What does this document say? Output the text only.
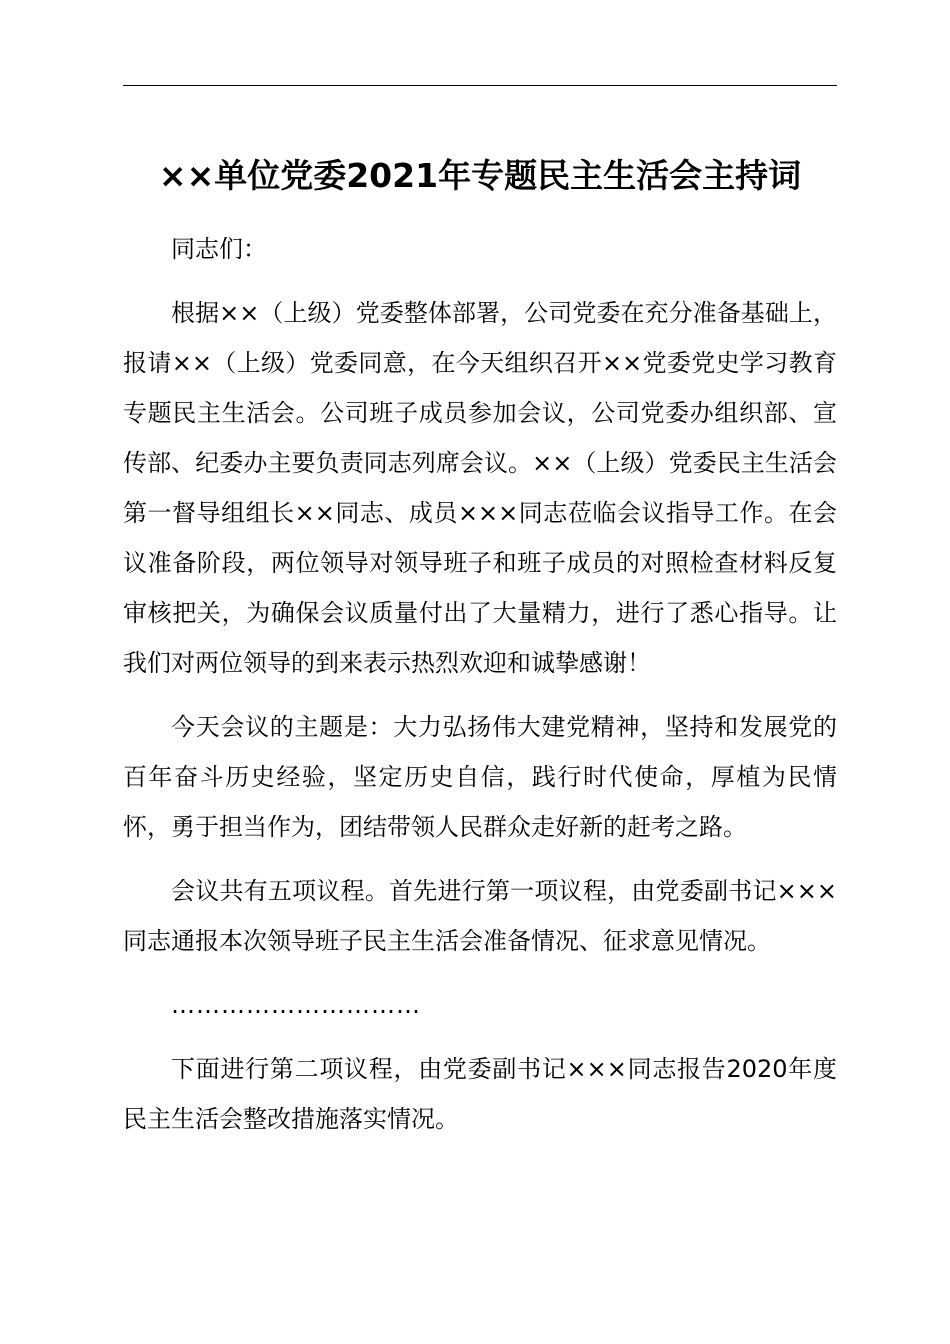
××单位党委2021年专题民主生活会主持词

同志们：

根据××（上级）党委整体部署，公司党委在充分准备基础上，报请××（上级）党委同意，在今天组织召开××党委党史学习教育专题民主生活会。公司班子成员参加会议，公司党委办组织部、宣传部、纪委办主要负责同志列席会议。××（上级）党委民主生活会第一督导组组长××同志、成员×××同志莅临会议指导工作。在会议准备阶段，两位领导对领导班子和班子成员的对照检查材料反复审核把关，为确保会议质量付出了大量精力，进行了悉心指导。让我们对两位领导的到来表示热烈欢迎和诚挚感谢！

今天会议的主题是：大力弘扬伟大建党精神，坚持和发展党的百年奋斗历史经验，坚定历史自信，践行时代使命，厚植为民情怀，勇于担当作为，团结带领人民群众走好新的赶考之路。

会议共有五项议程。首先进行第一项议程，由党委副书记×××同志通报本次领导班子民主生活会准备情况、征求意见情况。

…………………………

下面进行第二项议程，由党委副书记×××同志报告2020年度民主生活会整改措施落实情况。
